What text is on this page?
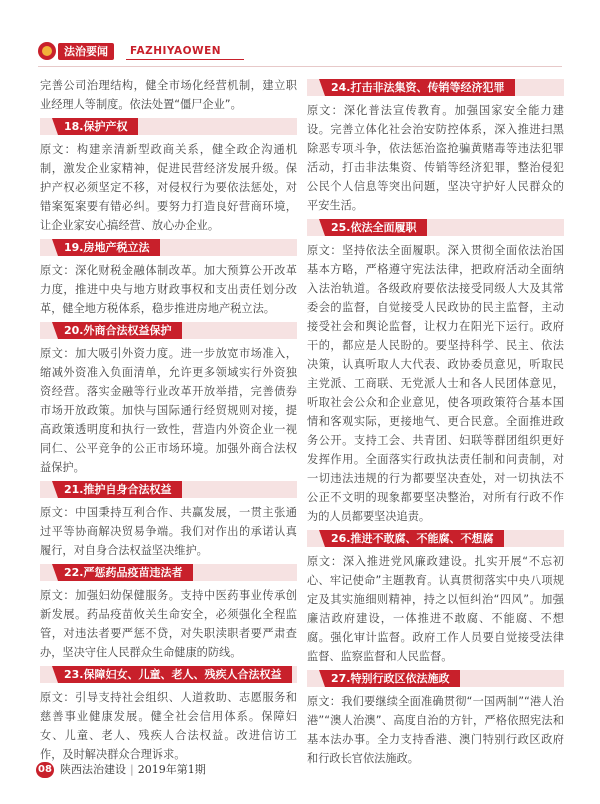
法治要闻	FAZHIYAOWEN

完善公司治理结构，健全市场化经营机制，建立职业经理人等制度。依法处置“僵尸企业”。

18.保护产权

原文：构建亲清新型政商关系，健全政企沟通机制，激发企业家精神，促进民营经济发展升级。保护产权必须坚定不移，对侵权行为要依法惩处，对错案冤案要有错必纠。要努力打造良好营商环境，让企业家安心搞经营、放心办企业。

19.房地产税立法

原文：深化财税金融体制改革。加大预算公开改革力度，推进中央与地方财政事权和支出责任划分改革，健全地方税体系，稳步推进房地产税立法。

20.外商合法权益保护

原文：加大吸引外资力度。进一步放宽市场准入，缩减外资准入负面清单，允许更多领域实行外资独资经营。落实金融等行业改革开放举措，完善债券市场开放政策。加快与国际通行经贸规则对接，提高政策透明度和执行一致性，营造内外资企业一视同仁、公平竞争的公正市场环境。加强外商合法权益保护。

21.推护自身合法权益

原文：中国秉持互利合作、共赢发展，一贯主张通过平等协商解决贸易争端。我们对作出的承诺认真履行，对自身合法权益坚决维护。

22.严惩药品疫苗违法者

原文：加强妇幼保健服务。支持中医药事业传承创新发展。药品疫苗攸关生命安全，必须强化全程监管，对违法者要严惩不贷，对失职渎职者要严肃查办，坚决守住人民群众生命健康的防线。

23.保障妇女、儿童、老人、残疾人合法权益

原文：引导支持社会组织、人道救助、志愿服务和慈善事业健康发展。健全社会信用体系。保障妇女、儿童、老人、残疾人合法权益。改进信访工作，及时解决群众合理诉求。

24.打击非法集资、传销等经济犯罪

原文：深化普法宣传教育。加强国家安全能力建设。完善立体化社会治安防控体系，深入推进扫黑除恶专项斗争，依法惩治盗抢骗黄赌毒等违法犯罪活动，打击非法集资、传销等经济犯罪，整治侵犯公民个人信息等突出问题，坚决守护好人民群众的平安生活。

25.依法全面履职

原文：坚持依法全面履职。深入贯彻全面依法治国基本方略，严格遵守宪法法律，把政府活动全面纳入法治轨道。各级政府要依法接受同级人大及其常委会的监督，自觉接受人民政协的民主监督，主动接受社会和舆论监督，让权力在阳光下运行。政府干的，都应是人民盼的。要坚持科学、民主、依法决策，认真听取人大代表、政协委员意见，听取民主党派、工商联、无党派人士和各人民团体意见，听取社会公众和企业意见，使各项政策符合基本国情和客观实际，更接地气、更合民意。全面推进政务公开。支持工会、共青团、妇联等群团组织更好发挥作用。全面落实行政执法责任制和问责制，对一切违法违规的行为都要坚决查处，对一切执法不公正不文明的现象都要坚决整治，对所有行政不作为的人员都要坚决追责。

26.推进不敢腐、不能腐、不想腐

原文：深入推进党风廉政建设。扎实开展“不忘初心、牢记使命”主题教育。认真贯彻落实中央八项规定及其实施细则精神，持之以恒纠治“四风”。加强廉洁政府建设，一体推进不敢腐、不能腐、不想腐。强化审计监督。政府工作人员要自觉接受法律监督、监察监督和人民监督。

27.特别行政区依法施政

原文：我们要继续全面准确贯彻“一国两制”“港人治港”“澳人治澳”、高度自治的方针，严格依照宪法和基本法办事。全力支持香港、澳门特别行政区政府和行政长官依法施政。

08 陕西法治建设 | 2019年第1期
